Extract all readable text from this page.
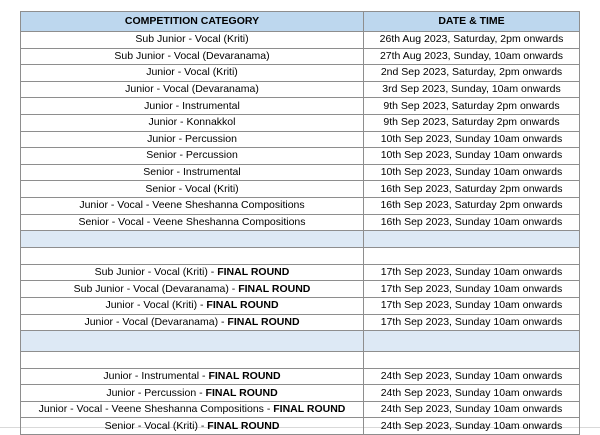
COMPETITION CATEGORY	DATE & TIME
Sub Junior - Vocal (Kriti)	26th Aug 2023, Saturday, 2pm onwards
Sub Junior - Vocal (Devaranama)	27th Aug 2023, Sunday, 10am onwards
Junior - Vocal (Kriti)	2nd Sep 2023, Saturday, 2pm onwards
Junior - Vocal (Devaranama)	3rd Sep 2023, Sunday, 10am onwards
Junior - Instrumental	9th Sep 2023, Saturday 2pm onwards
Junior - Konnakkol	9th Sep 2023, Saturday 2pm onwards
Junior - Percussion	10th Sep 2023, Sunday 10am onwards
Senior - Percussion	10th Sep 2023, Sunday 10am onwards
Senior - Instrumental	10th Sep 2023, Sunday 10am onwards
Senior - Vocal (Kriti)	16th Sep 2023, Saturday 2pm onwards
Junior - Vocal - Veene Sheshanna Compositions	16th Sep 2023, Saturday 2pm onwards
Senior - Vocal - Veene Sheshanna Compositions	16th Sep 2023, Sunday 10am onwards

Sub Junior - Vocal (Kriti) - FINAL ROUND	17th Sep 2023, Sunday 10am onwards
Sub Junior - Vocal (Devaranama) - FINAL ROUND	17th Sep 2023, Sunday 10am onwards
Junior - Vocal (Kriti) - FINAL ROUND	17th Sep 2023, Sunday 10am onwards
Junior - Vocal (Devaranama) - FINAL ROUND	17th Sep 2023, Sunday 10am onwards

Junior - Instrumental - FINAL ROUND	24th Sep 2023, Sunday 10am onwards
Junior - Percussion - FINAL ROUND	24th Sep 2023, Sunday 10am onwards
Junior - Vocal - Veene Sheshanna Compositions - FINAL ROUND	24th Sep 2023, Sunday 10am onwards
Senior - Vocal (Kriti) - FINAL ROUND	24th Sep 2023, Sunday 10am onwards
